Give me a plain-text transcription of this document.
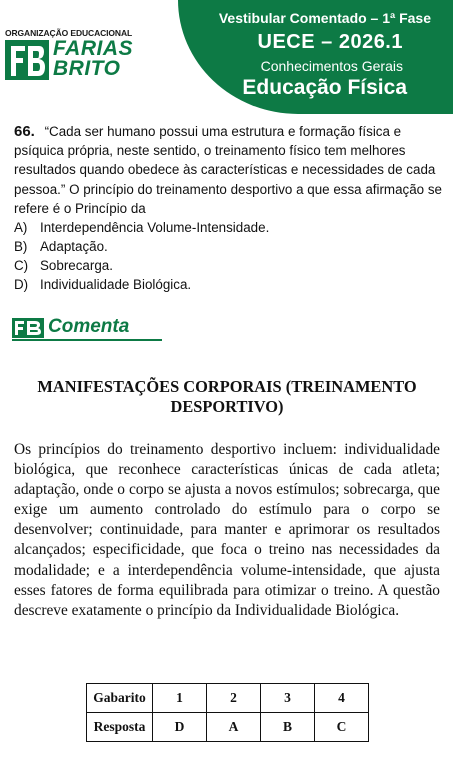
ORGANIZAÇÃO EDUCACIONAL
FARIAS
BRITO
Vestibular Comentado – 1ª Fase
UECE – 2026.1
Conhecimentos Gerais
Educação Física
66. “Cada ser humano possui uma estrutura e formação física e psíquica própria, neste sentido, o treinamento físico tem melhores resultados quando obedece às características e necessidades de cada pessoa.” O princípio do treinamento desportivo a que essa afirmação se refere é o Princípio da
A) Interdependência Volume-Intensidade.
B) Adaptação.
C) Sobrecarga.
D) Individualidade Biológica.
Comenta
MANIFESTAÇÕES CORPORAIS (TREINAMENTO DESPORTIVO)
Os princípios do treinamento desportivo incluem: individualidade biológica, que reconhece características únicas de cada atleta; adaptação, onde o corpo se ajusta a novos estímulos; sobrecarga, que exige um aumento controlado do estímulo para o corpo se desenvolver; continuidade, para manter e aprimorar os resultados alcançados; especificidade, que foca o treino nas necessidades da modalidade; e a interdependência volume-intensidade, que ajusta esses fatores de forma equilibrada para otimizar o treino. A questão descreve exatamente o princípio da Individualidade Biológica.
Gabarito	1	2	3	4
Resposta	D	A	B	C
